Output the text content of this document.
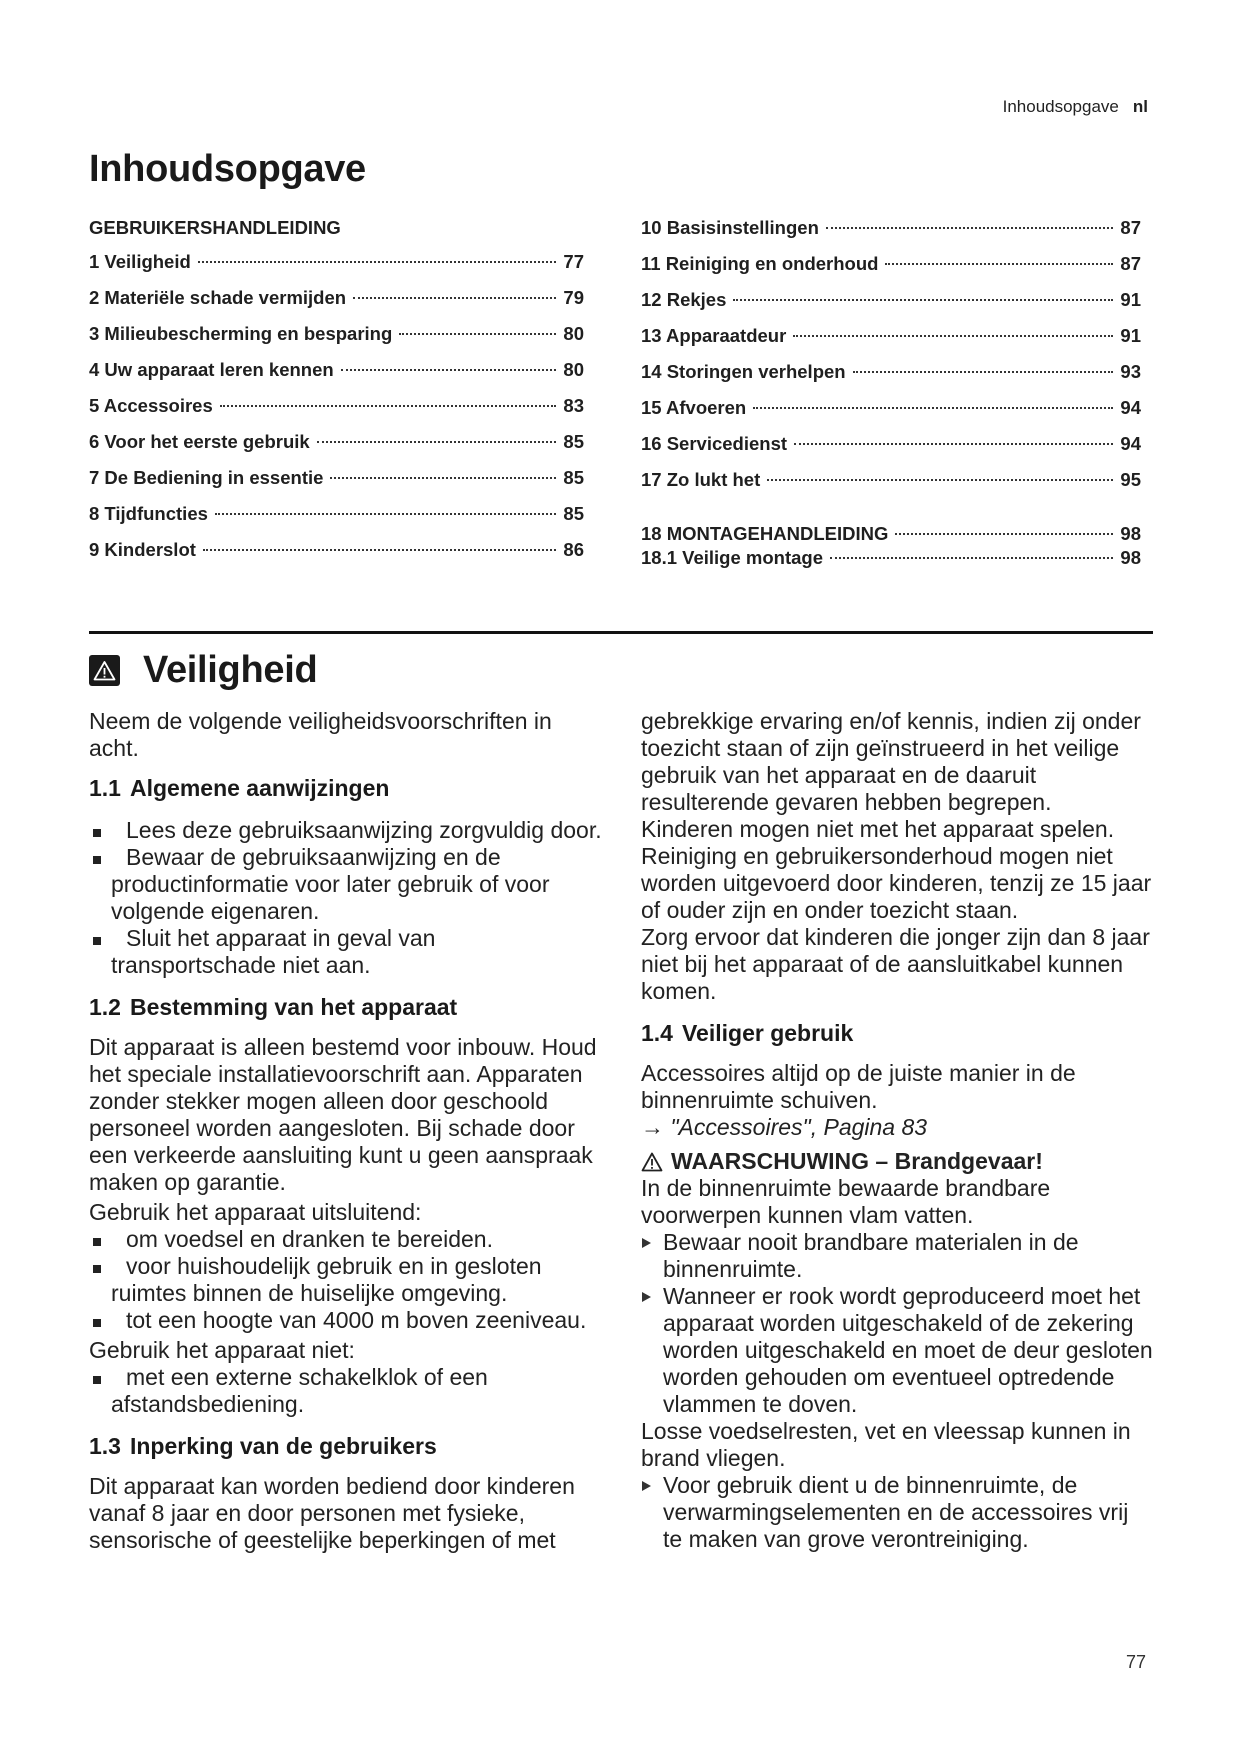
Inhoudsopgave nl
Inhoudsopgave
GEBRUIKERSHANDLEIDING
1 Veiligheid	77
2 Materiële schade vermijden	79
3 Milieubescherming en besparing	80
4 Uw apparaat leren kennen	80
5 Accessoires	83
6 Voor het eerste gebruik	85
7 De Bediening in essentie	85
8 Tijdfuncties	85
9 Kinderslot	86
10 Basisinstellingen	87
11 Reiniging en onderhoud	87
12 Rekjes	91
13 Apparaatdeur	91
14 Storingen verhelpen	93
15 Afvoeren	94
16 Servicedienst	94
17 Zo lukt het	95
18 MONTAGEHANDLEIDING	98
18.1 Veilige montage	98
Veiligheid

Neem de volgende veiligheidsvoorschriften in acht.

1.1 Algemene aanwijzingen
Lees deze gebruiksaanwijzing zorgvuldig door.
Bewaar de gebruiksaanwijzing en de productinformatie voor later gebruik of voor volgende eigenaren.
Sluit het apparaat in geval van transportschade niet aan.
1.2 Bestemming van het apparaat

Dit apparaat is alleen bestemd voor inbouw. Houd het speciale installatievoorschrift aan. Apparaten zonder stekker mogen alleen door geschoold personeel worden aangesloten. Bij schade door een verkeerde aansluiting kunt u geen aanspraak maken op garantie.

Gebruik het apparaat uitsluitend:

om voedsel en dranken te bereiden.
voor huishoudelijk gebruik en in gesloten ruimtes binnen de huiselijke omgeving.
tot een hoogte van 4000 m boven zeeniveau.

Gebruik het apparaat niet:

met een externe schakelklok of een afstandsbediening.
1.3 Inperking van de gebruikers

Dit apparaat kan worden bediend door kinderen vanaf 8 jaar en door personen met fysieke, sensorische of geestelijke beperkingen of met

gebrekkige ervaring en/of kennis, indien zij onder toezicht staan of zijn geïnstrueerd in het veilige gebruik van het apparaat en de daaruit resulterende gevaren hebben begrepen.

Kinderen mogen niet met het apparaat spelen.

Reiniging en gebruikersonderhoud mogen niet worden uitgevoerd door kinderen, tenzij ze 15 jaar of ouder zijn en onder toezicht staan.

Zorg ervoor dat kinderen die jonger zijn dan 8 jaar niet bij het apparaat of de aansluitkabel kunnen komen.

1.4 Veiliger gebruik

Accessoires altijd op de juiste manier in de binnenruimte schuiven.

→ "Accessoires", Pagina 83

WAARSCHUWING – Brandgevaar!

In de binnenruimte bewaarde brandbare voorwerpen kunnen vlam vatten.

Bewaar nooit brandbare materialen in de binnenruimte.
Wanneer er rook wordt geproduceerd moet het apparaat worden uitgeschakeld of de zekering worden uitgeschakeld en moet de deur gesloten worden gehouden om eventueel optredende vlammen te doven.

Losse voedselresten, vet en vleessap kunnen in brand vliegen.

Voor gebruik dient u de binnenruimte, de verwarmingselementen en de accessoires vrij te maken van grove verontreiniging.
77
